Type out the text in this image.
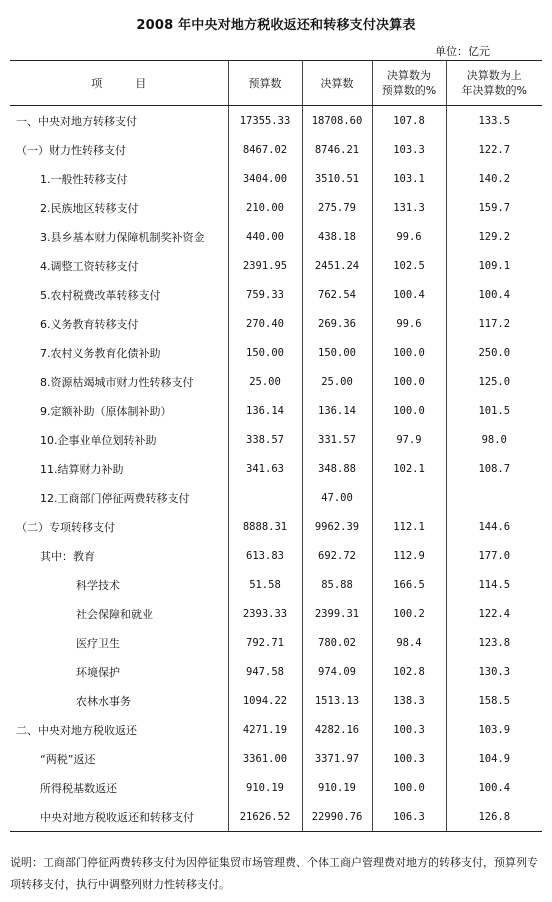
2008 年中央对地方税收返还和转移支付决算表
单位：亿元
项　　　目	预算数	决算数	决算数为
预算数的%	决算数为上
年决算数的%
一、中央对地方转移支付	17355.33	18708.60	107.8	133.5
（一）财力性转移支付	8467.02	8746.21	103.3	122.7
1.一般性转移支付	3404.00	3510.51	103.1	140.2
2.民族地区转移支付	210.00	275.79	131.3	159.7
3.县乡基本财力保障机制奖补资金	440.00	438.18	99.6	129.2
4.调整工资转移支付	2391.95	2451.24	102.5	109.1
5.农村税费改革转移支付	759.33	762.54	100.4	100.4
6.义务教育转移支付	270.40	269.36	99.6	117.2
7.农村义务教育化债补助	150.00	150.00	100.0	250.0
8.资源枯竭城市财力性转移支付	25.00	25.00	100.0	125.0
9.定额补助（原体制补助）	136.14	136.14	100.0	101.5
10.企事业单位划转补助	338.57	331.57	97.9	98.0
11.结算财力补助	341.63	348.88	102.1	108.7
12.工商部门停征两费转移支付		47.00		
（二）专项转移支付	8888.31	9962.39	112.1	144.6
其中：教育	613.83	692.72	112.9	177.0
科学技术	51.58	85.88	166.5	114.5
社会保障和就业	2393.33	2399.31	100.2	122.4
医疗卫生	792.71	780.02	98.4	123.8
环境保护	947.58	974.09	102.8	130.3
农林水事务	1094.22	1513.13	138.3	158.5
二、中央对地方税收返还	4271.19	4282.16	100.3	103.9
“两税”返还	3361.00	3371.97	100.3	104.9
所得税基数返还	910.19	910.19	100.0	100.4
中央对地方税收返还和转移支付	21626.52	22990.76	106.3	126.8
说明：工商部门停征两费转移支付为因停征集贸市场管理费、个体工商户管理费对地方的转移支付，预算列专项转移支付，执行中调整列财力性转移支付。
